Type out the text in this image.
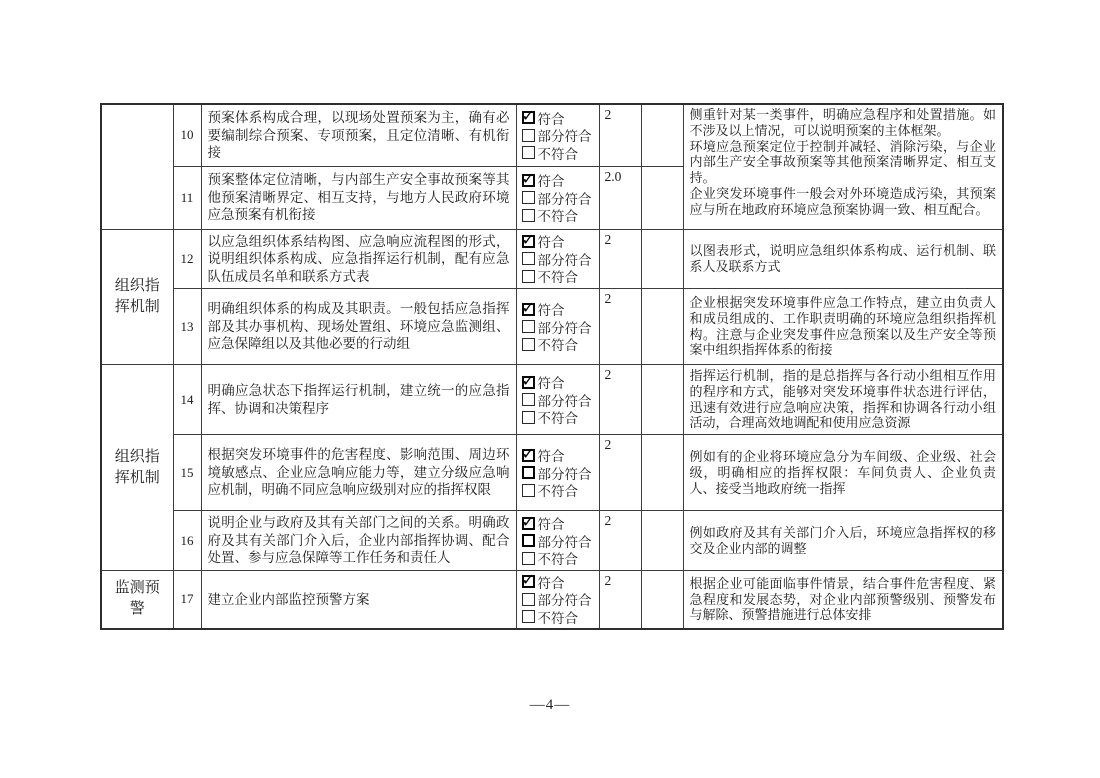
	10	预案体系构成合理，以现场处置预案为主，确有必要编制综合预案、专项预案，且定位清晰、有机衔接	
✓
符合
部分符合
不符合
	2		侧重针对某一类事件，明确应急程序和处置措施。如不涉及以上情况，可以说明预案的主体框架。

环境应急预案定位于控制并减轻、消除污染，与企业内部生产安全事故预案等其他预案清晰界定、相互支持。

企业突发环境事件一般会对外环境造成污染，其预案应与所在地政府环境应急预案协调一致、相互配合。

	11	预案整体定位清晰，与内部生产安全事故预案等其他预案清晰界定、相互支持，与地方人民政府环境应急预案有机衔接	
✓
符合
部分符合
不符合	2.0		
组织指挥机制	12	以应急组织体系结构图、应急响应流程图的形式，说明组织体系构成、应急指挥运行机制，配有应急队伍成员名单和联系方式表	
✓
符合
部分符合
不符合	2		以图表形式，说明应急组织体系构成、运行机制、联系人及联系方式
	13	明确组织体系的构成及其职责。一般包括应急指挥部及其办事机构、现场处置组、环境应急监测组、应急保障组以及其他必要的行动组	
✓
符合
部分符合
不符合	2		企业根据突发环境事件应急工作特点，建立由负责人和成员组成的、工作职责明确的环境应急组织指挥机构。注意与企业突发事件应急预案以及生产安全等预案中组织指挥体系的衔接
组织指挥机制	14	明确应急状态下指挥运行机制，建立统一的应急指挥、协调和决策程序	
✓
符合
部分符合
不符合	2		指挥运行机制，指的是总指挥与各行动小组相互作用的程序和方式，能够对突发环境事件状态进行评估，迅速有效进行应急响应决策，指挥和协调各行动小组活动，合理高效地调配和使用应急资源
	15	根据突发环境事件的危害程度、影响范围、周边环境敏感点、企业应急响应能力等，建立分级应急响应机制，明确不同应急响应级别对应的指挥权限	
✓
符合
部分符合
不符合	2		例如有的企业将环境应急分为车间级、企业级、社会级，明确相应的指挥权限：车间负责人、企业负责人、接受当地政府统一指挥
	16	说明企业与政府及其有关部门之间的关系。明确政府及其有关部门介入后，企业内部指挥协调、配合处置、参与应急保障等工作任务和责任人	
✓
符合
部分符合
不符合	2		例如政府及其有关部门介入后，环境应急指挥权的移交及企业内部的调整
监测预警	17	建立企业内部监控预警方案	
✓
符合
部分符合
不符合	2		根据企业可能面临事件情景，结合事件危害程度、紧急程度和发展态势，对企业内部预警级别、预警发布与解除、预警措施进行总体安排
—4—
